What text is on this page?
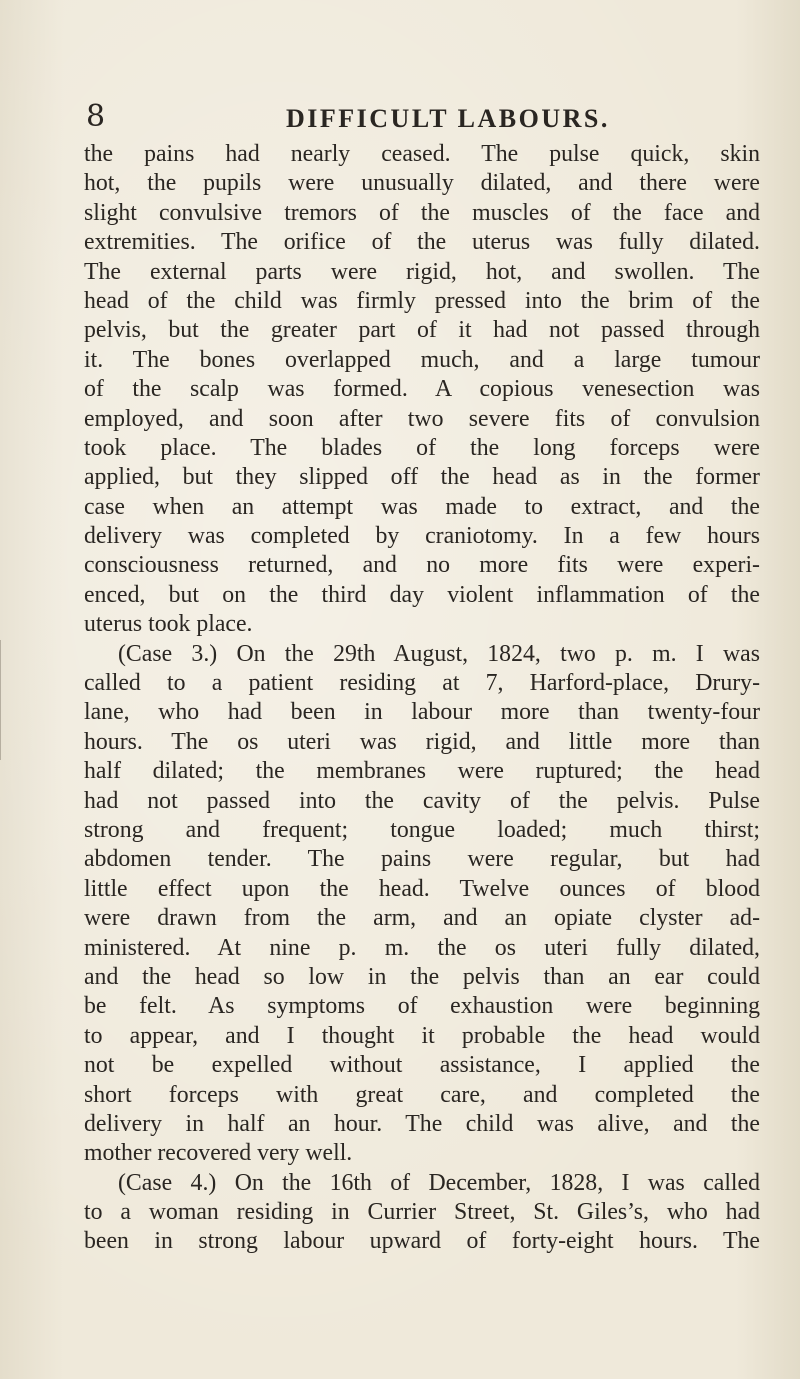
8	DIFFICULT LABOURS.
the pains had nearly ceased. The pulse quick, skin
hot, the pupils were unusually dilated, and there were
slight convulsive tremors of the muscles of the face and
extremities. The orifice of the uterus was fully dilated.
The external parts were rigid, hot, and swollen. The
head of the child was firmly pressed into the brim of the
pelvis, but the greater part of it had not passed through
it. The bones overlapped much, and a large tumour
of the scalp was formed. A copious venesection was
employed, and soon after two severe fits of convulsion
took place. The blades of the long forceps were
applied, but they slipped off the head as in the former
case when an attempt was made to extract, and the
delivery was completed by craniotomy. In a few hours
consciousness returned, and no more fits were experi-
enced, but on the third day violent inflammation of the
uterus took place.
(Case 3.) On the 29th August, 1824, two p. m. I was
called to a patient residing at 7, Harford-place, Drury-
lane, who had been in labour more than twenty-four
hours. The os uteri was rigid, and little more than
half dilated; the membranes were ruptured; the head
had not passed into the cavity of the pelvis. Pulse
strong and frequent; tongue loaded; much thirst;
abdomen tender. The pains were regular, but had
little effect upon the head. Twelve ounces of blood
were drawn from the arm, and an opiate clyster ad-
ministered. At nine p. m. the os uteri fully dilated,
and the head so low in the pelvis than an ear could
be felt. As symptoms of exhaustion were beginning
to appear, and I thought it probable the head would
not be expelled without assistance, I applied the
short forceps with great care, and completed the
delivery in half an hour. The child was alive, and the
mother recovered very well.
(Case 4.) On the 16th of December, 1828, I was called
to a woman residing in Currier Street, St. Giles’s, who had
been in strong labour upward of forty-eight hours. The
